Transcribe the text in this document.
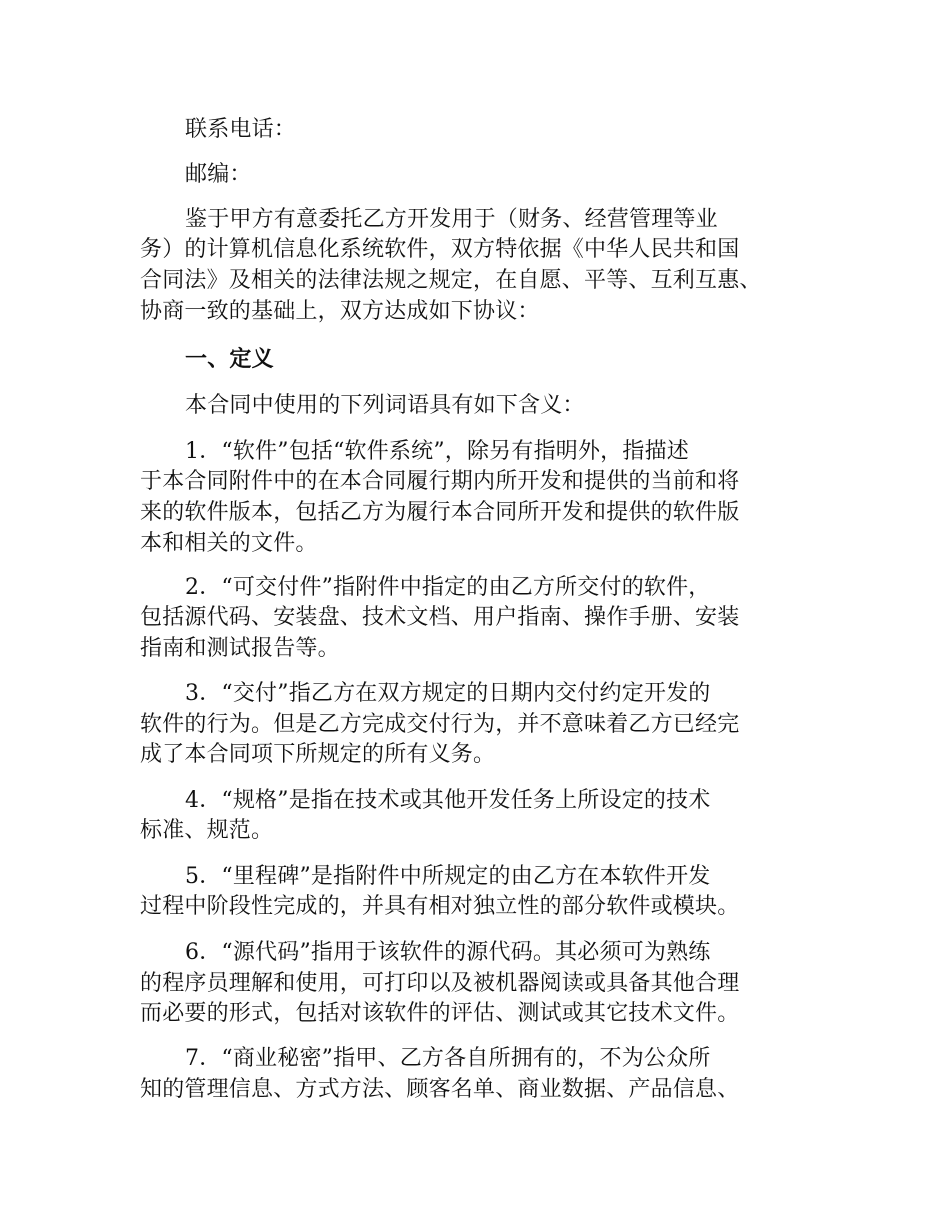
联系电话：
邮编：
鉴于甲方有意委托乙方开发用于（财务、经营管理等业
务）的计算机信息化系统软件，双方特依据《中华人民共和国
合同法》及相关的法律法规之规定，在自愿、平等、互利互惠、
协商一致的基础上，双方达成如下协议：
一、定义
本合同中使用的下列词语具有如下含义：
1．“软件”包括“软件系统”，除另有指明外，指描述
于本合同附件中的在本合同履行期内所开发和提供的当前和将
来的软件版本，包括乙方为履行本合同所开发和提供的软件版
本和相关的文件。
2．“可交付件”指附件中指定的由乙方所交付的软件，
包括源代码、安装盘、技术文档、用户指南、操作手册、安装
指南和测试报告等。
3．“交付”指乙方在双方规定的日期内交付约定开发的
软件的行为。但是乙方完成交付行为，并不意味着乙方已经完
成了本合同项下所规定的所有义务。
4．“规格”是指在技术或其他开发任务上所设定的技术
标准、规范。
5．“里程碑”是指附件中所规定的由乙方在本软件开发
过程中阶段性完成的，并具有相对独立性的部分软件或模块。
6．“源代码”指用于该软件的源代码。其必须可为熟练
的程序员理解和使用，可打印以及被机器阅读或具备其他合理
而必要的形式，包括对该软件的评估、测试或其它技术文件。
7．“商业秘密”指甲、乙方各自所拥有的，不为公众所
知的管理信息、方式方法、顾客名单、商业数据、产品信息、
